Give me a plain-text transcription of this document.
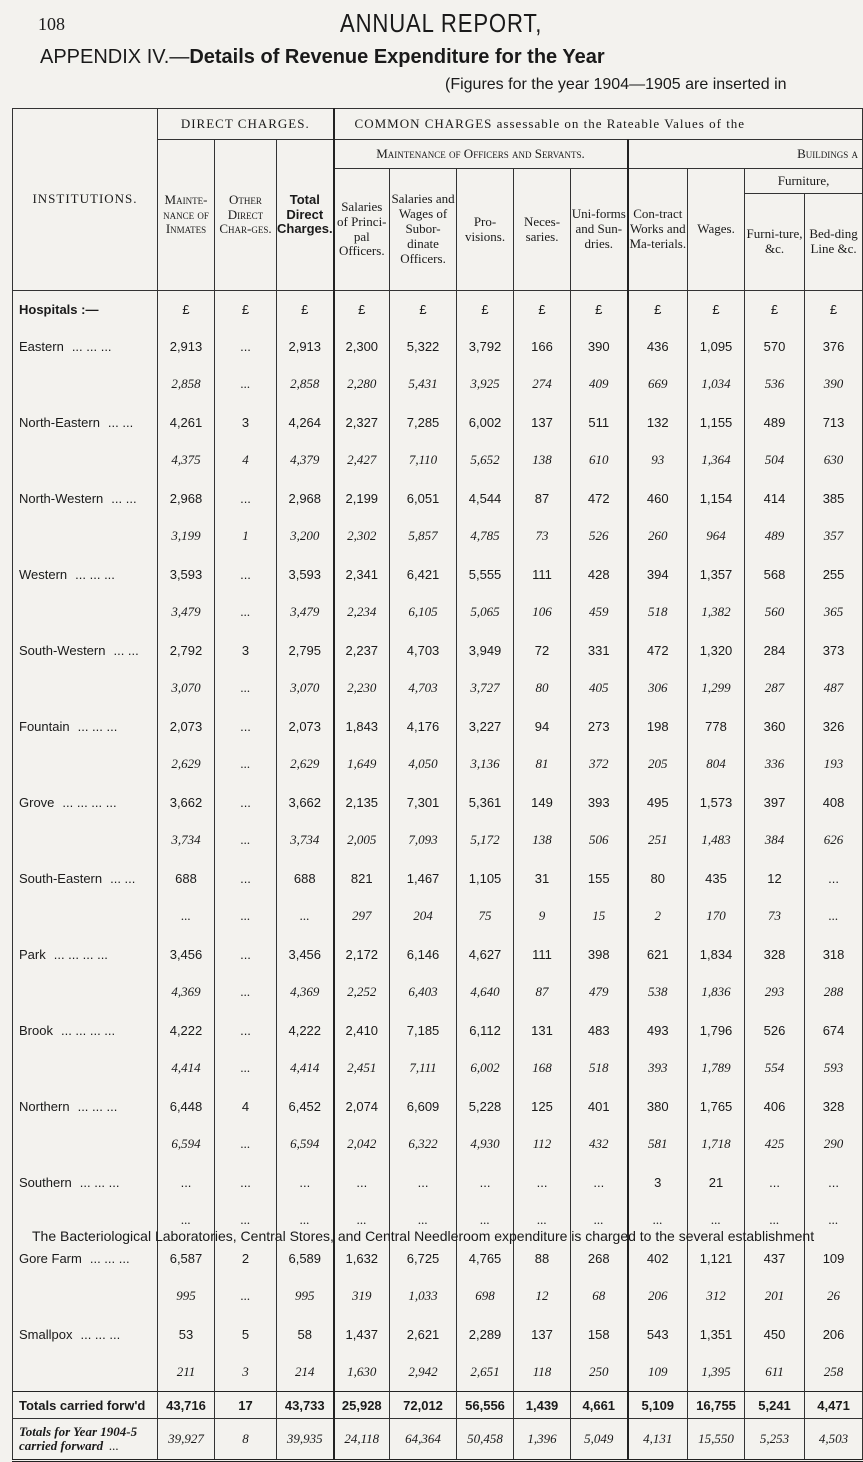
108	ANNUAL REPORT,
APPENDIX IV.—Details of Revenue Expenditure for the Year
(Figures for the year 1904—1905 are inserted in
INSTITUTIONS.	DIRECT CHARGES.			COMMON CHARGES assessable on the Rateable Values of the								
	Mainte-nance of Inmates	Other Direct Char-ges.	Total Direct Charges.	Maintenance of Officers and Servants.					Buildings a			
				Salaries of Princi-pal Officers.	Salaries and Wages of Subor-dinate Officers.	Pro-visions.	Neces-saries.	Uni-forms and Sun-dries.	Con-tract Works and Ma-terials.	Wages.	Furniture,	
											Furni-ture, &c.	Bed-ding Line &c.
Hospitals :—	£	£	£	£	£	£	£	£	£	£	£	£
Eastern ... ... ...	2,913	...	2,913	2,300	5,322	3,792	166	390	436	1,095	570	376
	2,858	...	2,858	2,280	5,431	3,925	274	409	669	1,034	536	390
North-Eastern ... ...	4,261	3	4,264	2,327	7,285	6,002	137	511	132	1,155	489	713
	4,375	4	4,379	2,427	7,110	5,652	138	610	93	1,364	504	630
North-Western ... ...	2,968	...	2,968	2,199	6,051	4,544	87	472	460	1,154	414	385
	3,199	1	3,200	2,302	5,857	4,785	73	526	260	964	489	357
Western ... ... ...	3,593	...	3,593	2,341	6,421	5,555	111	428	394	1,357	568	255
	3,479	...	3,479	2,234	6,105	5,065	106	459	518	1,382	560	365
South-Western ... ...	2,792	3	2,795	2,237	4,703	3,949	72	331	472	1,320	284	373
	3,070	...	3,070	2,230	4,703	3,727	80	405	306	1,299	287	487
Fountain ... ... ...	2,073	...	2,073	1,843	4,176	3,227	94	273	198	778	360	326
	2,629	...	2,629	1,649	4,050	3,136	81	372	205	804	336	193
Grove ... ... ... ...	3,662	...	3,662	2,135	7,301	5,361	149	393	495	1,573	397	408
	3,734	...	3,734	2,005	7,093	5,172	138	506	251	1,483	384	626
South-Eastern ... ...	688	...	688	821	1,467	1,105	31	155	80	435	12	...
	...	...	...	297	204	75	9	15	2	170	73	...
Park ... ... ... ...	3,456	...	3,456	2,172	6,146	4,627	111	398	621	1,834	328	318
	4,369	...	4,369	2,252	6,403	4,640	87	479	538	1,836	293	288
Brook ... ... ... ...	4,222	...	4,222	2,410	7,185	6,112	131	483	493	1,796	526	674
	4,414	...	4,414	2,451	7,111	6,002	168	518	393	1,789	554	593
Northern ... ... ...	6,448	4	6,452	2,074	6,609	5,228	125	401	380	1,765	406	328
	6,594	...	6,594	2,042	6,322	4,930	112	432	581	1,718	425	290
Southern ... ... ...	...	...	...	...	...	...	...	...	3	21	...	...
	...	...	...	...	...	...	...	...	...	...	...	...
Gore Farm ... ... ...	6,587	2	6,589	1,632	6,725	4,765	88	268	402	1,121	437	109
	995	...	995	319	1,033	698	12	68	206	312	201	26
Smallpox ... ... ...	53	5	58	1,437	2,621	2,289	137	158	543	1,351	450	206
	211	3	214	1,630	2,942	2,651	118	250	109	1,395	611	258
Totals carried forw'd	43,716	17	43,733	25,928	72,012	56,556	1,439	4,661	5,109	16,755	5,241	4,471
Totals for Year 1904-5 carried forward ...	39,927	8	39,935	24,118	64,364	50,458	1,396	5,049	4,131	15,550	5,253	4,503
The Bacteriological Laboratories, Central Stores, and Central Needleroom expenditure is charged to the several establishment
